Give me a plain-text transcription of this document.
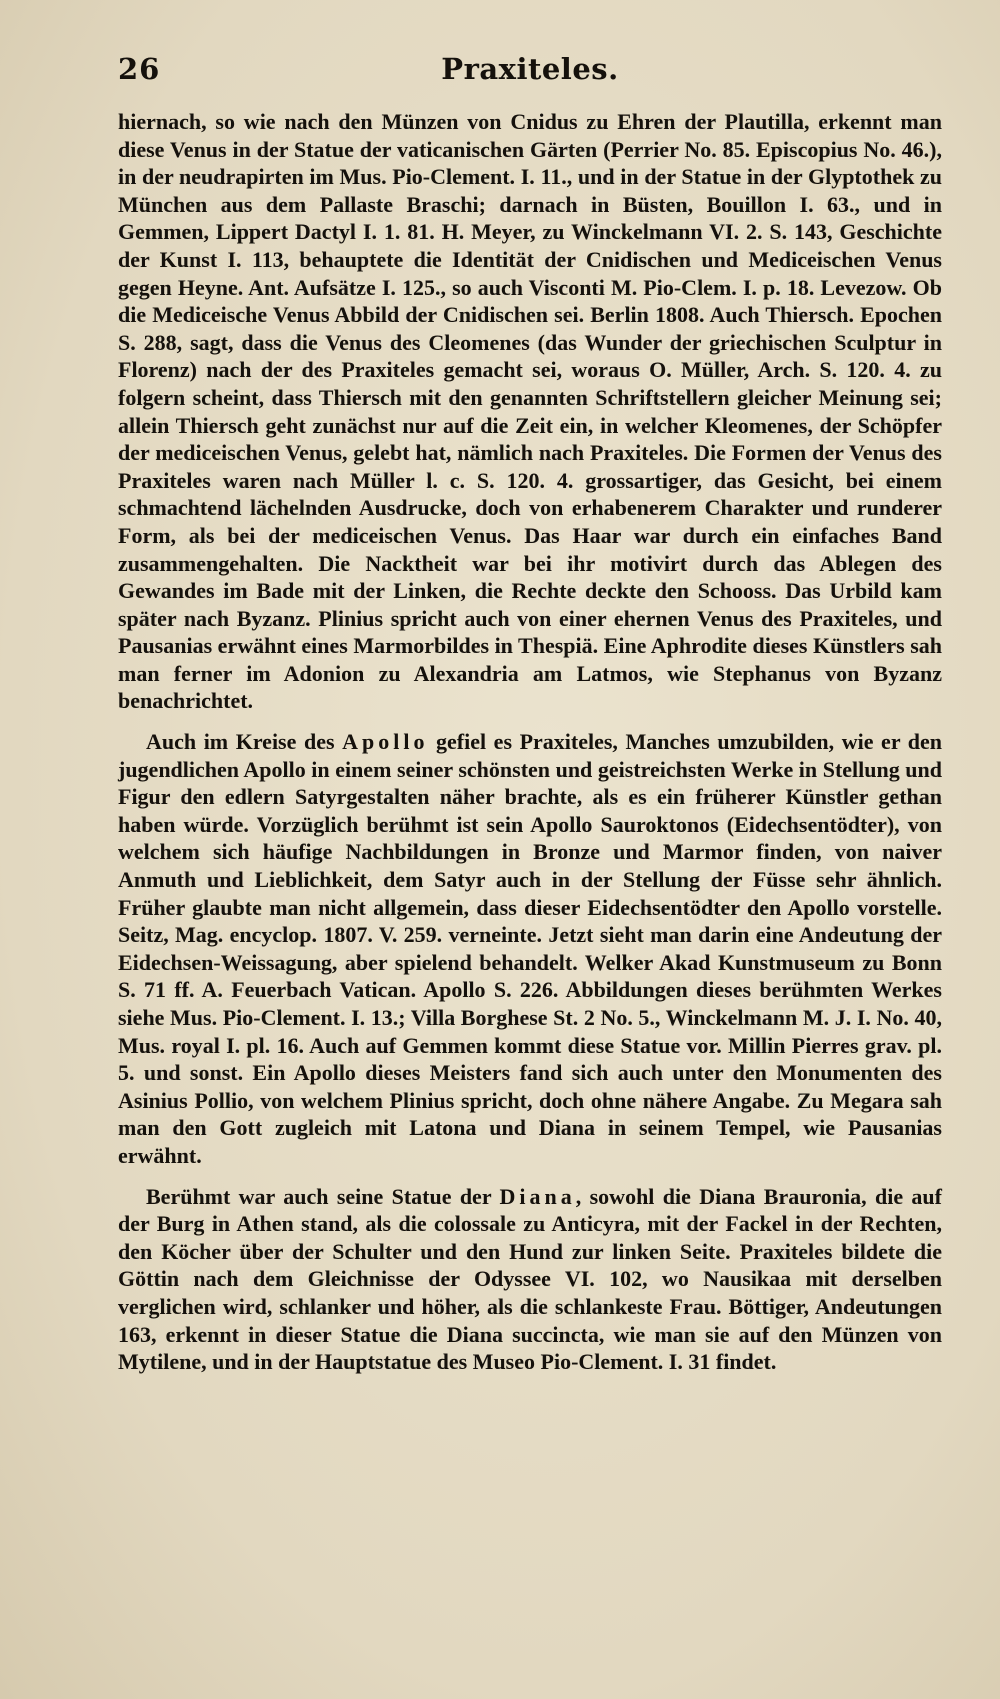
26	Praxiteles.

hiernach, so wie nach den Münzen von Cnidus zu Ehren der Plautilla, erkennt man diese Venus in der Statue der vaticanischen Gärten (Perrier No. 85. Episcopius No. 46.), in der neudrapirten im Mus. Pio-Clement. I. 11., und in der Statue in der Glyptothek zu München aus dem Pallaste Braschi; darnach in Büsten, Bouillon I. 63., und in Gemmen, Lippert Dactyl I. 1. 81. H. Meyer, zu Winckelmann VI. 2. S. 143, Geschichte der Kunst I. 113, behauptete die Identität der Cnidischen und Mediceischen Venus gegen Heyne. Ant. Aufsätze I. 125., so auch Visconti M. Pio-Clem. I. p. 18. Levezow. Ob die Mediceische Venus Abbild der Cnidischen sei. Berlin 1808. Auch Thiersch. Epochen S. 288, sagt, dass die Venus des Cleomenes (das Wunder der griechischen Sculptur in Florenz) nach der des Praxiteles gemacht sei, woraus O. Müller, Arch. S. 120. 4. zu folgern scheint, dass Thiersch mit den genannten Schriftstellern gleicher Meinung sei; allein Thiersch geht zunächst nur auf die Zeit ein, in welcher Kleomenes, der Schöpfer der mediceischen Venus, gelebt hat, nämlich nach Praxiteles. Die Formen der Venus des Praxiteles waren nach Müller l. c. S. 120. 4. grossartiger, das Gesicht, bei einem schmachtend lächelnden Ausdrucke, doch von erhabenerem Charakter und runderer Form, als bei der mediceischen Venus. Das Haar war durch ein einfaches Band zusammengehalten. Die Nacktheit war bei ihr motivirt durch das Ablegen des Gewandes im Bade mit der Linken, die Rechte deckte den Schooss. Das Urbild kam später nach Byzanz. Plinius spricht auch von einer ehernen Venus des Praxiteles, und Pausanias erwähnt eines Marmorbildes in Thespiä. Eine Aphrodite dieses Künstlers sah man ferner im Adonion zu Alexandria am Latmos, wie Stephanus von Byzanz benachrichtet.

Auch im Kreise des Apollo gefiel es Praxiteles, Manches umzubilden, wie er den jugendlichen Apollo in einem seiner schönsten und geistreichsten Werke in Stellung und Figur den edlern Satyrgestalten näher brachte, als es ein früherer Künstler gethan haben würde. Vorzüglich berühmt ist sein Apollo Sauroktonos (Eidechsentödter), von welchem sich häufige Nachbildungen in Bronze und Marmor finden, von naiver Anmuth und Lieblichkeit, dem Satyr auch in der Stellung der Füsse sehr ähnlich. Früher glaubte man nicht allgemein, dass dieser Eidechsentödter den Apollo vorstelle. Seitz, Mag. encyclop. 1807. V. 259. verneinte. Jetzt sieht man darin eine Andeutung der Eidechsen-Weissagung, aber spielend behandelt. Welker Akad Kunstmuseum zu Bonn S. 71 ff. A. Feuerbach Vatican. Apollo S. 226. Abbildungen dieses berühmten Werkes siehe Mus. Pio-Clement. I. 13.; Villa Borghese St. 2 No. 5., Winckelmann M. J. I. No. 40, Mus. royal I. pl. 16. Auch auf Gemmen kommt diese Statue vor. Millin Pierres grav. pl. 5. und sonst. Ein Apollo dieses Meisters fand sich auch unter den Monumenten des Asinius Pollio, von welchem Plinius spricht, doch ohne nähere Angabe. Zu Megara sah man den Gott zugleich mit Latona und Diana in seinem Tempel, wie Pausanias erwähnt.

Berühmt war auch seine Statue der Diana, sowohl die Diana Brauronia, die auf der Burg in Athen stand, als die colossale zu Anticyra, mit der Fackel in der Rechten, den Köcher über der Schulter und den Hund zur linken Seite. Praxiteles bildete die Göttin nach dem Gleichnisse der Odyssee VI. 102, wo Nausikaa mit derselben verglichen wird, schlanker und höher, als die schlankeste Frau. Böttiger, Andeutungen 163, erkennt in dieser Statue die Diana succincta, wie man sie auf den Münzen von Mytilene, und in der Hauptstatue des Museo Pio-Clement. I. 31 findet.
